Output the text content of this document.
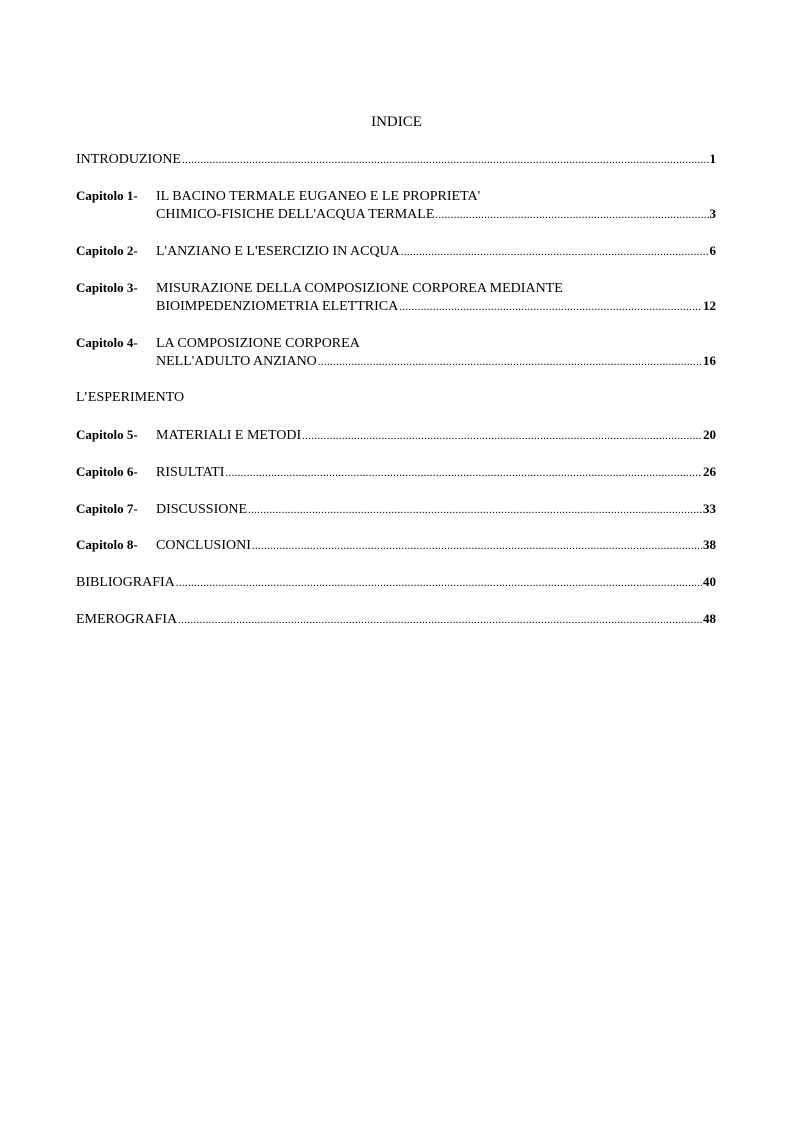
INDICE
INTRODUZIONE .....	1
Capitolo 1-	IL BACINO TERMALE EUGANEO E LE PROPRIETA'
CHIMICO-FISICHE DELL'ACQUA TERMALE .....	3
Capitolo 2-	L'ANZIANO E L'ESERCIZIO IN ACQUA .....	6
Capitolo 3-	MISURAZIONE DELLA COMPOSIZIONE CORPOREA MEDIANTE
BIOIMPEDENZIOMETRIA ELETTRICA .....	12
Capitolo 4-	LA COMPOSIZIONE CORPOREA
NELL'ADULTO ANZIANO .....	16
L’ESPERIMENTO
Capitolo 5-	MATERIALI E METODI .....	20
Capitolo 6-	RISULTATI .....	26
Capitolo 7-	DISCUSSIONE .....	33
Capitolo 8-	CONCLUSIONI .....	38
BIBLIOGRAFIA .....	40
EMEROGRAFIA .....	48
